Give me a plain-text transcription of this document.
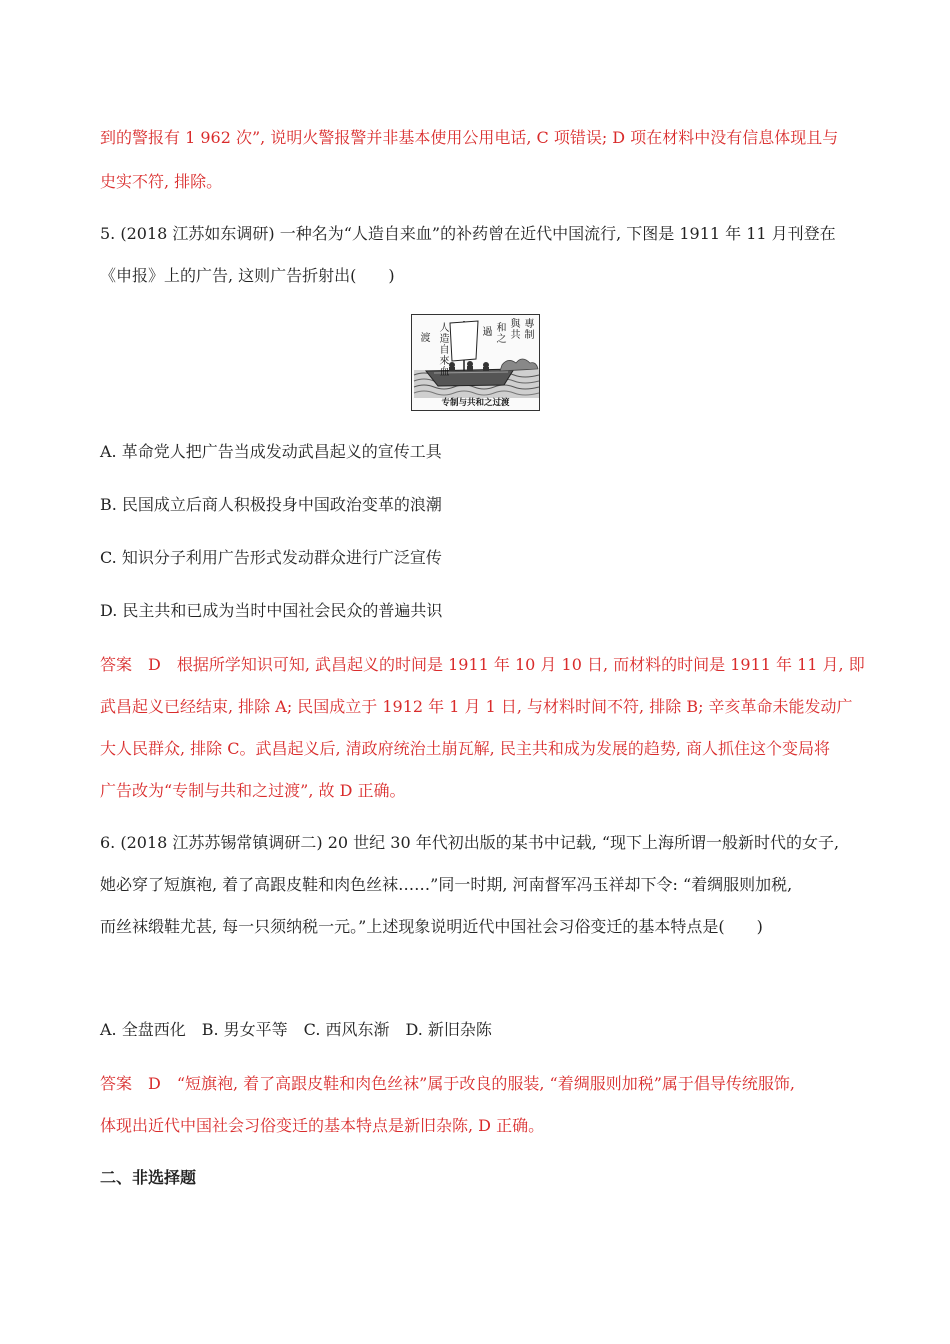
到的警报有 1 962 次”, 说明火警报警并非基本使用公用电话, C 项错误; D 项在材料中没有信息体现且与
史实不符, 排除。
5. (2018 江苏如东调研) 一种名为“人造自来血”的补药曾在近代中国流行, 下图是 1911 年 11 月刊登在
《申报》上的广告, 这则广告折射出(　　)
渡
人造自來血
過 和之
與共
專制
专制与共和之过渡
A. 革命党人把广告当成发动武昌起义的宣传工具
B. 民国成立后商人积极投身中国政治变革的浪潮
C. 知识分子利用广告形式发动群众进行广泛宣传
D. 民主共和已成为当时中国社会民众的普遍共识
答案　D　根据所学知识可知, 武昌起义的时间是 1911 年 10 月 10 日, 而材料的时间是 1911 年 11 月, 即
武昌起义已经结束, 排除 A; 民国成立于 1912 年 1 月 1 日, 与材料时间不符, 排除 B; 辛亥革命未能发动广
大人民群众, 排除 C。武昌起义后, 清政府统治土崩瓦解, 民主共和成为发展的趋势, 商人抓住这个变局将
广告改为“专制与共和之过渡”, 故 D 正确。
6. (2018 江苏苏锡常镇调研二) 20 世纪 30 年代初出版的某书中记载, “现下上海所谓一般新时代的女子,
她必穿了短旗袍, 着了高跟皮鞋和肉色丝袜……”同一时期, 河南督军冯玉祥却下令: “着绸服则加税,
而丝袜缎鞋尤甚, 每一只须纳税一元。”上述现象说明近代中国社会习俗变迁的基本特点是(　　)
A. 全盘西化　B. 男女平等　C. 西风东渐　D. 新旧杂陈
答案　D　“短旗袍, 着了高跟皮鞋和肉色丝袜”属于改良的服装, “着绸服则加税”属于倡导传统服饰,
体现出近代中国社会习俗变迁的基本特点是新旧杂陈, D 正确。
二、非选择题
